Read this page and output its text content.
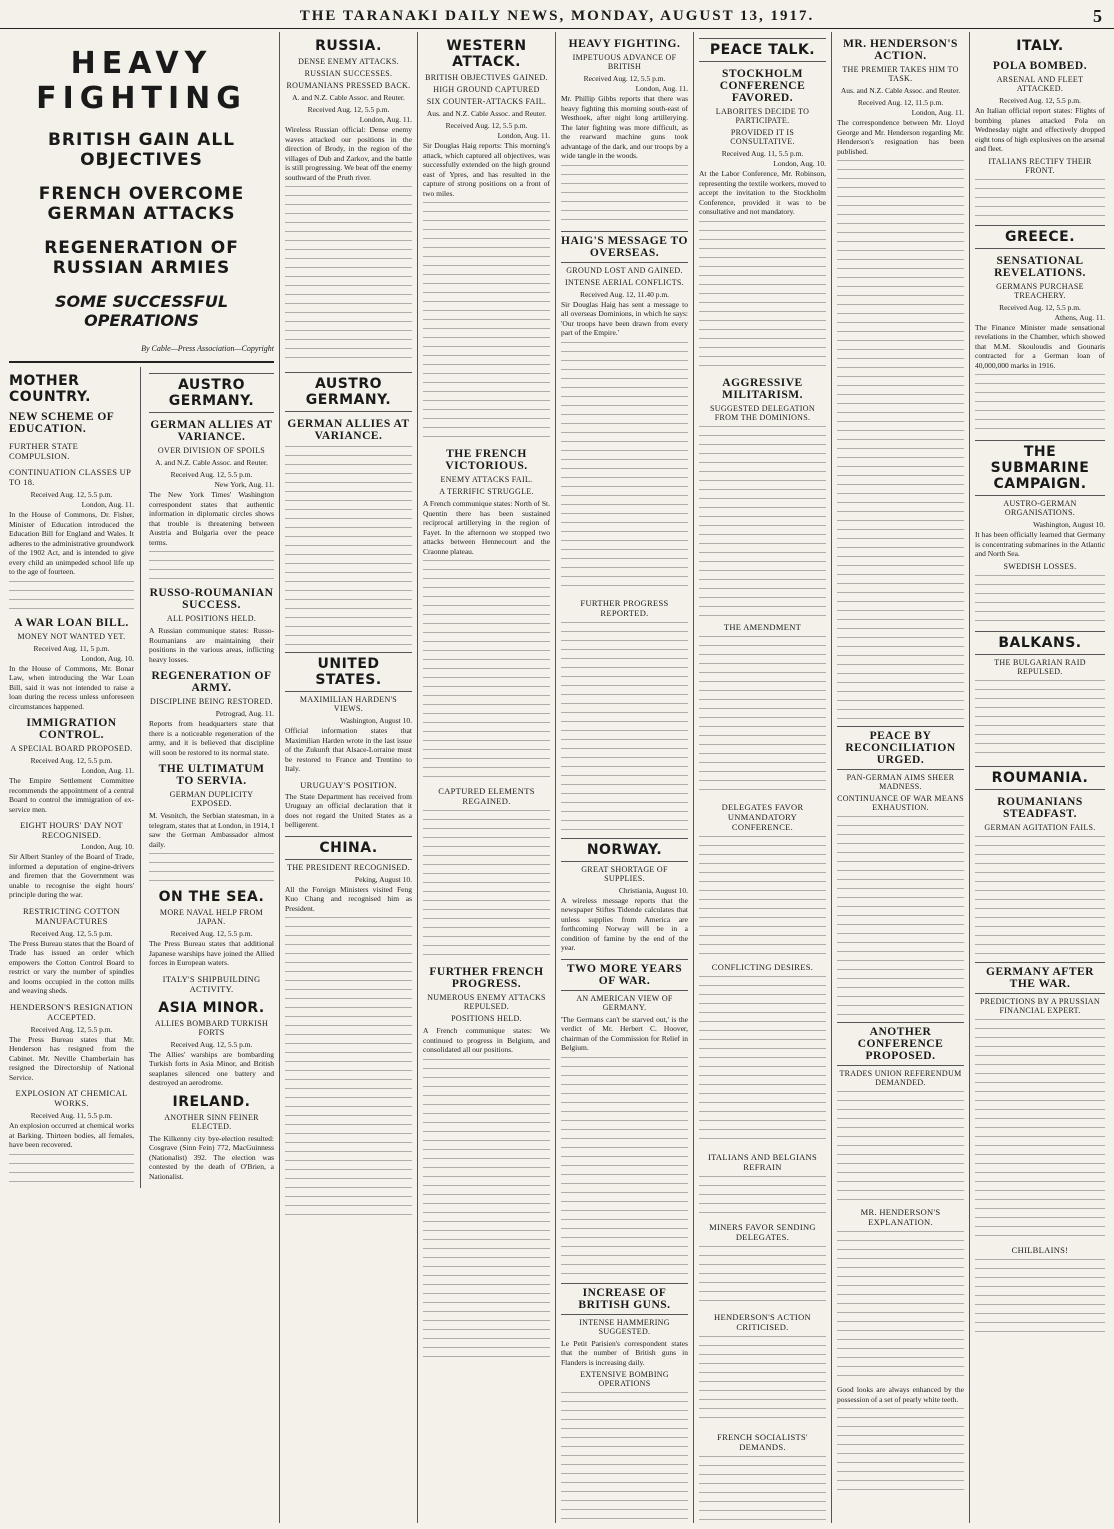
THE TARANAKI DAILY NEWS, MONDAY, AUGUST 13, 1917.	5
HEAVY FIGHTING
BRITISH GAIN ALL OBJECTIVES
FRENCH OVERCOME GERMAN ATTACKS
REGENERATION OF RUSSIAN ARMIES
SOME SUCCESSFUL OPERATIONS
By Cable—Press Association—Copyright
MOTHER COUNTRY.
NEW SCHEME OF EDUCATION.
FURTHER STATE COMPULSION.
CONTINUATION CLASSES UP TO 18.
Received Aug. 12, 5.5 p.m.
London, Aug. 11.

In the House of Commons, Dr. Fisher, Minister of Education introduced the Education Bill for England and Wales. It adheres to the administrative groundwork of the 1902 Act, and is intended to give every child an unimpeded school life up to the age of fourteen.

A WAR LOAN BILL.
MONEY NOT WANTED YET.
Received Aug. 11, 5 p.m.
London, Aug. 10.

In the House of Commons, Mr. Bonar Law, when introducing the War Loan Bill, said it was not intended to raise a loan during the recess unless unforeseen circumstances happened.

IMMIGRATION CONTROL.
A SPECIAL BOARD PROPOSED.
Received Aug. 12, 5.5 p.m.
London, Aug. 11.

The Empire Settlement Committee recommends the appointment of a central Board to control the immigration of ex-service men.

EIGHT HOURS' DAY NOT RECOGNISED.
London, Aug. 10.

Sir Albert Stanley of the Board of Trade, informed a deputation of engine-drivers and firemen that the Government was unable to recognise the eight hours' principle during the war.

RESTRICTING COTTON MANUFACTURES
Received Aug. 12, 5.5 p.m.

The Press Bureau states that the Board of Trade has issued an order which empowers the Cotton Control Board to restrict or vary the number of spindles and looms occupied in the cotton mills and weaving sheds.

HENDERSON'S RESIGNATION ACCEPTED.
Received Aug. 12, 5.5 p.m.

The Press Bureau states that Mr. Henderson has resigned from the Cabinet. Mr. Neville Chamberlain has resigned the Directorship of National Service.

EXPLOSION AT CHEMICAL WORKS.
Received Aug. 11, 5.5 p.m.

An explosion occurred at chemical works at Barking. Thirteen bodies, all females, have been recovered.

AUSTRO GERMANY.
GERMAN ALLIES AT VARIANCE.
OVER DIVISION OF SPOILS
A. and N.Z. Cable Assoc. and Reuter.
Received Aug. 12, 5.5 p.m.
New York, Aug. 11.

The New York Times' Washington correspondent states that authentic information in diplomatic circles shows that trouble is threatening between Austria and Bulgaria over the peace terms.

RUSSO-ROUMANIAN SUCCESS.
ALL POSITIONS HELD.

A Russian communique states: Russo-Roumanians are maintaining their positions in the various areas, inflicting heavy losses.

REGENERATION OF ARMY.
DISCIPLINE BEING RESTORED.
Petrograd, Aug. 11.

Reports from headquarters state that there is a noticeable regeneration of the army, and it is believed that discipline will soon be restored to its normal state.

THE ULTIMATUM TO SERVIA.
GERMAN DUPLICITY EXPOSED.

M. Vesnitch, the Serbian statesman, in a telegram, states that at London, in 1914, I saw the German Ambassador almost daily.

ON THE SEA.
MORE NAVAL HELP FROM JAPAN.
Received Aug. 12, 5.5 p.m.

The Press Bureau states that additional Japanese warships have joined the Allied forces in European waters.

ITALY'S SHIPBUILDING ACTIVITY.
ASIA MINOR.
ALLIES BOMBARD TURKISH FORTS
Received Aug. 12, 5.5 p.m.

The Allies' warships are bombarding Turkish forts in Asia Minor, and British seaplanes silenced one battery and destroyed an aerodrome.

IRELAND.
ANOTHER SINN FEINER ELECTED.

The Kilkenny city bye-election resulted: Cosgrave (Sinn Fein) 772, MacGuinness (Nationalist) 392. The election was contested by the death of O'Brien, a Nationalist.

RUSSIA.
DENSE ENEMY ATTACKS.
RUSSIAN SUCCESSES.
ROUMANIANS PRESSED BACK.
A. and N.Z. Cable Assoc. and Reuter.
Received Aug. 12, 5.5 p.m.
London, Aug. 11.

Wireless Russian official: Dense enemy waves attacked our positions in the direction of Brody, in the region of the villages of Dub and Zarkov, and the battle is still progressing. We beat off the enemy southward of the Pruth river.

AUSTRO GERMANY.
GERMAN ALLIES AT VARIANCE.
UNITED STATES.
MAXIMILIAN HARDEN'S VIEWS.
Washington, August 10.

Official information states that Maximilian Harden wrote in the last issue of the Zukunft that Alsace-Lorraine must be restored to France and Trentino to Italy.

URUGUAY'S POSITION.

The State Department has received from Uruguay an official declaration that it does not regard the United States as a belligerent.

CHINA.
THE PRESIDENT RECOGNISED.
Peking, August 10.

All the Foreign Ministers visited Feng Kuo Chang and recognised him as President.

WESTERN ATTACK.
BRITISH OBJECTIVES GAINED.
HIGH GROUND CAPTURED
SIX COUNTER-ATTACKS FAIL.
Aus. and N.Z. Cable Assoc. and Reuter.
Received Aug. 12, 5.5 p.m.
London, Aug. 11.

Sir Douglas Haig reports: This morning's attack, which captured all objectives, was successfully extended on the high ground east of Ypres, and has resulted in the capture of strong positions on a front of two miles.

THE FRENCH VICTORIOUS.
ENEMY ATTACKS FAIL.
A TERRIFIC STRUGGLE.

A French communique states: North of St. Quentin there has been sustained reciprocal artillerying in the region of Fayet. In the afternoon we stopped two attacks between Hennecourt and the Craonne plateau.

CAPTURED ELEMENTS REGAINED.
FURTHER FRENCH PROGRESS.
NUMEROUS ENEMY ATTACKS REPULSED.
POSITIONS HELD.

A French communique states: We continued to progress in Belgium, and consolidated all our positions.

HEAVY FIGHTING.
IMPETUOUS ADVANCE OF BRITISH
Received Aug. 12, 5.5 p.m.
London, Aug. 11.

Mr. Phillip Gibbs reports that there was heavy fighting this morning south-east of Westhoek, after night long artillerying. The later fighting was more difficult, as the rearward machine guns took advantage of the dark, and our troops by a wide tangle in the woods.

HAIG'S MESSAGE TO OVERSEAS.
GROUND LOST AND GAINED.
INTENSE AERIAL CONFLICTS.
Received Aug. 12, 11.40 p.m.

Sir Douglas Haig has sent a message to all overseas Dominions, in which he says: 'Our troops have been drawn from every part of the Empire.'

FURTHER PROGRESS REPORTED.
NORWAY.
GREAT SHORTAGE OF SUPPLIES.
Christiania, August 10.

A wireless message reports that the newspaper Stiftes Tidende calculates that unless supplies from America are forthcoming Norway will be in a condition of famine by the end of the year.

TWO MORE YEARS OF WAR.
AN AMERICAN VIEW OF GERMANY.

'The Germans can't be starved out,' is the verdict of Mr. Herbert C. Hoover, chairman of the Commission for Relief in Belgium.

INCREASE OF BRITISH GUNS.
INTENSE HAMMERING SUGGESTED.

Le Petit Parisien's correspondent states that the number of British guns in Flanders is increasing daily.

EXTENSIVE BOMBING OPERATIONS
PEACE TALK.
STOCKHOLM CONFERENCE FAVORED.
LABORITES DECIDE TO PARTICIPATE.
PROVIDED IT IS CONSULTATIVE.
Received Aug. 11, 5.5 p.m.
London, Aug. 10.

At the Labor Conference, Mr. Robinson, representing the textile workers, moved to accept the invitation to the Stockholm Conference, provided it was to be consultative and not mandatory.

AGGRESSIVE MILITARISM.
SUGGESTED DELEGATION FROM THE DOMINIONS.
THE AMENDMENT
DELEGATES FAVOR UNMANDATORY CONFERENCE.
CONFLICTING DESIRES.
ITALIANS AND BELGIANS REFRAIN
MINERS FAVOR SENDING DELEGATES.
HENDERSON'S ACTION CRITICISED.
FRENCH SOCIALISTS' DEMANDS.
MR. HENDERSON'S ACTION.
THE PREMIER TAKES HIM TO TASK.
Aus. and N.Z. Cable Assoc. and Reuter.
Received Aug. 12, 11.5 p.m.
London, Aug. 11.

The correspondence between Mr. Lloyd George and Mr. Henderson regarding Mr. Henderson's resignation has been published.

PEACE BY RECONCILIATION URGED.
PAN-GERMAN AIMS SHEER MADNESS.
CONTINUANCE OF WAR MEANS EXHAUSTION.
ANOTHER CONFERENCE PROPOSED.
TRADES UNION REFERENDUM DEMANDED.
MR. HENDERSON'S EXPLANATION.

Good looks are always enhanced by the possession of a set of pearly white teeth.

ITALY.
POLA BOMBED.
ARSENAL AND FLEET ATTACKED.
Received Aug. 12, 5.5 p.m.

An Italian official report states: Flights of bombing planes attacked Pola on Wednesday night and effectively dropped eight tons of high explosives on the arsenal and fleet.

ITALIANS RECTIFY THEIR FRONT.
GREECE.
SENSATIONAL REVELATIONS.
GERMANS PURCHASE TREACHERY.
Received Aug. 12, 5.5 p.m.
Athens, Aug. 11.

The Finance Minister made sensational revelations in the Chamber, which showed that M.M. Skouloudis and Gounaris contracted for a German loan of 40,000,000 marks in 1916.

THE SUBMARINE CAMPAIGN.
AUSTRO-GERMAN ORGANISATIONS.
Washington, August 10.

It has been officially learned that Germany is concentrating submarines in the Atlantic and North Sea.

SWEDISH LOSSES.
BALKANS.
THE BULGARIAN RAID REPULSED.
ROUMANIA.
ROUMANIANS STEADFAST.
GERMAN AGITATION FAILS.
GERMANY AFTER THE WAR.
PREDICTIONS BY A PRUSSIAN FINANCIAL EXPERT.
CHILBLAINS!
